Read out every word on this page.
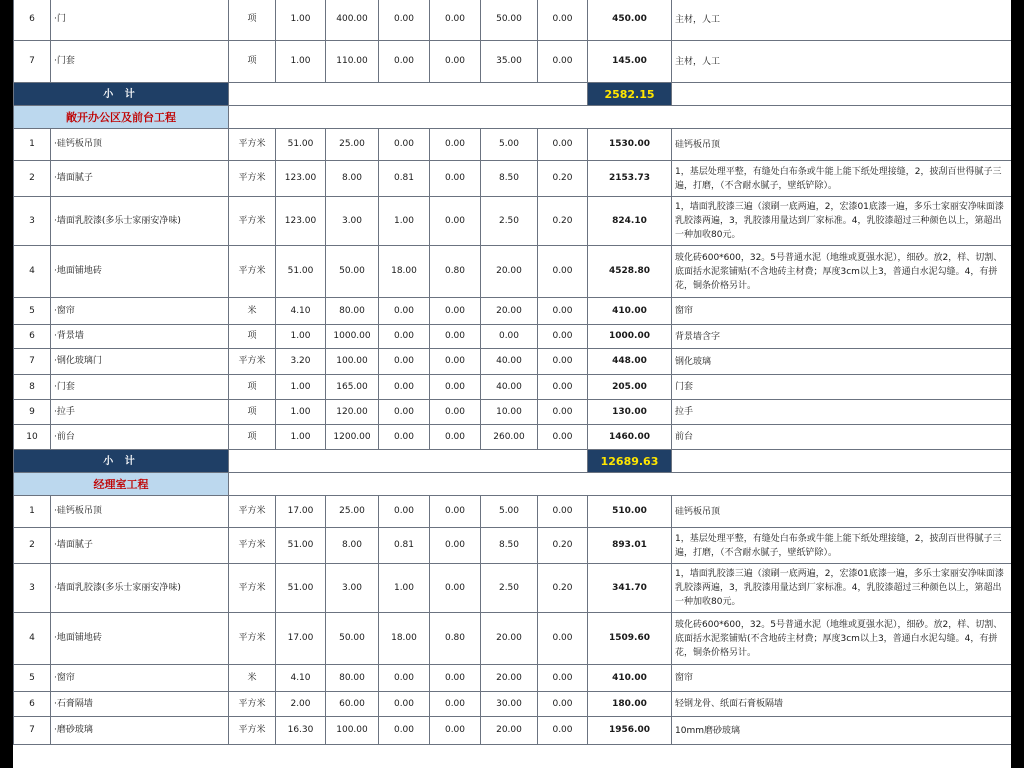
6	·门	项	1.00	400.00	0.00	0.00	50.00	0.00	450.00	主材，人工
7	·门套	项	1.00	110.00	0.00	0.00	35.00	0.00	145.00	主材，人工
小 计									2582.15	
敞开办公区及前台工程										
1	·硅钙板吊顶	平方米	51.00	25.00	0.00	0.00	5.00	0.00	1530.00	硅钙板吊顶
2	·墙面腻子	平方米	123.00	8.00	0.81	0.00	8.50	0.20	2153.73	1，基层处理平整，有缝处白布条或牛能上能下纸处理接缝，2，披刮百世得腻子三遍，打磨，（不含耐水腻子，壁纸铲除）。
3	·墙面乳胶漆(多乐士家丽安净味)	平方米	123.00	3.00	1.00	0.00	2.50	0.20	824.10	1，墙面乳胶漆三遍（滚刷一底两遍，2，宏漆01底漆一遍，多乐士家丽安净味面漆乳胶漆两遍，3，乳胶漆用量达到厂家标准。4，乳胶漆超过三种颜色以上，第超出一种加收80元。
4	·地面铺地砖	平方米	51.00	50.00	18.00	0.80	20.00	0.00	4528.80	玻化砖600*600，32。5号普通水泥（地维或夏强水泥），细砂。放2，样、切割、底面括水泥浆铺贴(不含地砖主材费；厚度3cm以上3，普通白水泥勾缝。4，有拼花，铜条价格另计。
5	·窗帘	米	4.10	80.00	0.00	0.00	20.00	0.00	410.00	窗帘
6	·背景墙	项	1.00	1000.00	0.00	0.00	0.00	0.00	1000.00	背景墙含字
7	·钢化玻璃门	平方米	3.20	100.00	0.00	0.00	40.00	0.00	448.00	钢化玻璃
8	·门套	项	1.00	165.00	0.00	0.00	40.00	0.00	205.00	门套
9	·拉手	项	1.00	120.00	0.00	0.00	10.00	0.00	130.00	拉手
10	·前台	项	1.00	1200.00	0.00	0.00	260.00	0.00	1460.00	前台
小 计									12689.63	
经理室工程										
1	·硅钙板吊顶	平方米	17.00	25.00	0.00	0.00	5.00	0.00	510.00	硅钙板吊顶
2	·墙面腻子	平方米	51.00	8.00	0.81	0.00	8.50	0.20	893.01	1，基层处理平整，有缝处白布条或牛能上能下纸处理接缝，2，披刮百世得腻子三遍，打磨，（不含耐水腻子，壁纸铲除）。
3	·墙面乳胶漆(多乐士家丽安净味)	平方米	51.00	3.00	1.00	0.00	2.50	0.20	341.70	1，墙面乳胶漆三遍（滚刷一底两遍，2，宏漆01底漆一遍，多乐士家丽安净味面漆乳胶漆两遍，3，乳胶漆用量达到厂家标准。4，乳胶漆超过三种颜色以上，第超出一种加收80元。
4	·地面铺地砖	平方米	17.00	50.00	18.00	0.80	20.00	0.00	1509.60	玻化砖600*600，32。5号普通水泥（地维或夏强水泥），细砂。放2，样、切割、底面括水泥浆铺贴(不含地砖主材费；厚度3cm以上3，普通白水泥勾缝。4，有拼花，铜条价格另计。
5	·窗帘	米	4.10	80.00	0.00	0.00	20.00	0.00	410.00	窗帘
6	·石膏隔墙	平方米	2.00	60.00	0.00	0.00	30.00	0.00	180.00	轻钢龙骨、纸面石膏板隔墙
7	·磨砂玻璃	平方米	16.30	100.00	0.00	0.00	20.00	0.00	1956.00	10mm磨砂玻璃
